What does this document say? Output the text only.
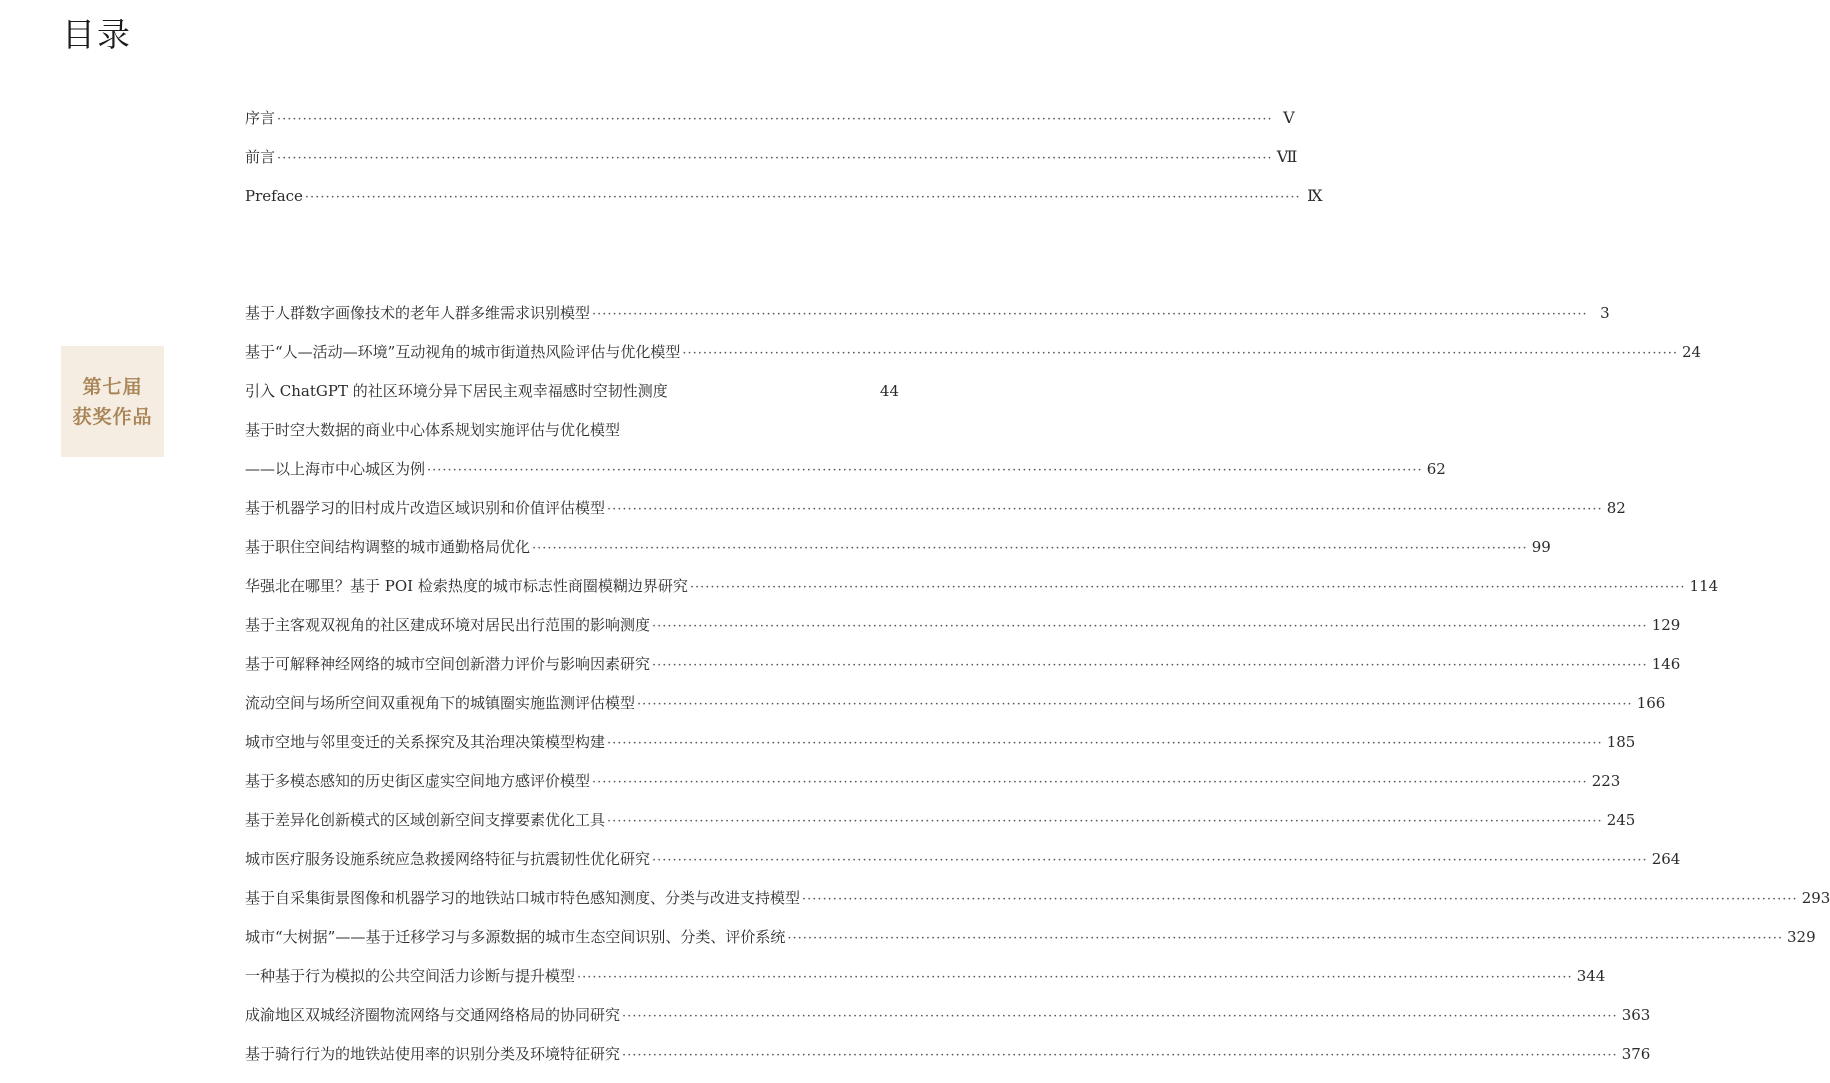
目录
第七届
获奖作品
序言 ·····	Ⅴ
前言 ·····	Ⅶ
Preface ·····	Ⅸ
基于人群数字画像技术的老年人群多维需求识别模型 ·····	3
基于“人—活动—环境”互动视角的城市街道热风险评估与优化模型 ·····	24
引入 ChatGPT 的社区环境分异下居民主观幸福感时空韧性测度	44
基于时空大数据的商业中心体系规划实施评估与优化模型
——以上海市中心城区为例 ·····	62
基于机器学习的旧村成片改造区域识别和价值评估模型 ·····	82
基于职住空间结构调整的城市通勤格局优化 ·····	99
华强北在哪里？基于 POI 检索热度的城市标志性商圈模糊边界研究 ·····	114
基于主客观双视角的社区建成环境对居民出行范围的影响测度 ·····	129
基于可解释神经网络的城市空间创新潜力评价与影响因素研究 ·····	146
流动空间与场所空间双重视角下的城镇圈实施监测评估模型 ·····	166
城市空地与邻里变迁的关系探究及其治理决策模型构建 ·····	185
基于多模态感知的历史街区虚实空间地方感评价模型 ·····	223
基于差异化创新模式的区域创新空间支撑要素优化工具 ·····	245
城市医疗服务设施系统应急救援网络特征与抗震韧性优化研究 ·····	264
基于自采集街景图像和机器学习的地铁站口城市特色感知测度、分类与改进支持模型 ·····	293
城市“大树据”——基于迁移学习与多源数据的城市生态空间识别、分类、评价系统 ·····	329
一种基于行为模拟的公共空间活力诊断与提升模型 ·····	344
成渝地区双城经济圈物流网络与交通网络格局的协同研究 ·····	363
基于骑行行为的地铁站使用率的识别分类及环境特征研究 ·····	376
